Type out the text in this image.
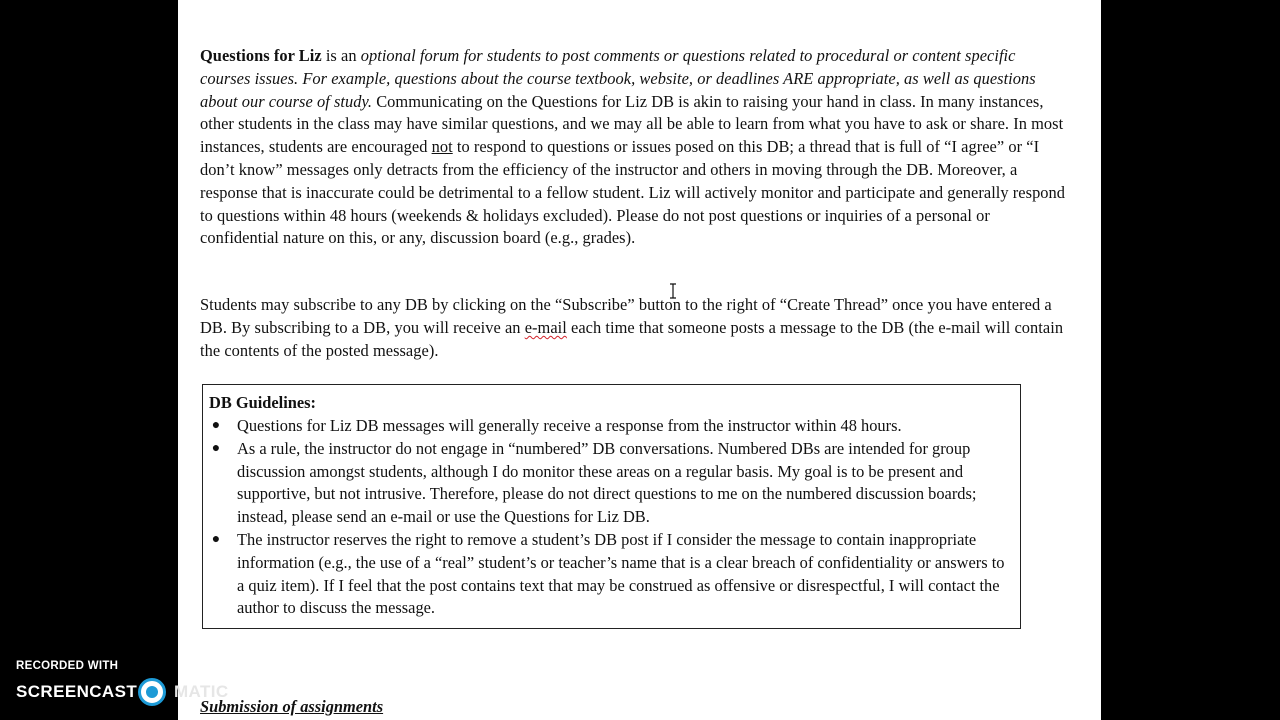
Questions for Liz is an optional forum for students to post comments or questions related to procedural or content specific courses issues. For example, questions about the course textbook, website, or deadlines ARE appropriate, as well as questions about our course of study. Communicating on the Questions for Liz DB is akin to raising your hand in class. In many instances, other students in the class may have similar questions, and we may all be able to learn from what you have to ask or share. In most instances, students are encouraged not to respond to questions or issues posed on this DB; a thread that is full of “I agree” or “I don’t know” messages only detracts from the efficiency of the instructor and others in moving through the DB. Moreover, a response that is inaccurate could be detrimental to a fellow student. Liz will actively monitor and participate and generally respond to questions within 48 hours (weekends & holidays excluded). Please do not post questions or inquiries of a personal or confidential nature on this, or any, discussion board (e.g., grades).
Students may subscribe to any DB by clicking on the “Subscribe” button to the right of “Create Thread” once you have entered a DB. By subscribing to a DB, you will receive an e-mail each time that someone posts a message to the DB (the e-mail will contain the contents of the posted message).
DB Guidelines:
● Questions for Liz DB messages will generally receive a response from the instructor within 48 hours.
● As a rule, the instructor do not engage in “numbered” DB conversations. Numbered DBs are intended for group discussion amongst students, although I do monitor these areas on a regular basis. My goal is to be present and supportive, but not intrusive. Therefore, please do not direct questions to me on the numbered discussion boards; instead, please send an e-mail or use the Questions for Liz DB.
● The instructor reserves the right to remove a student’s DB post if I consider the message to contain inappropriate information (e.g., the use of a “real” student’s or teacher’s name that is a clear breach of confidentiality or answers to a quiz item). If I feel that the post contains text that may be construed as offensive or disrespectful, I will contact the author to discuss the message.
Submission of assignments
RECORDED WITH
SCREENCAST MATIC
